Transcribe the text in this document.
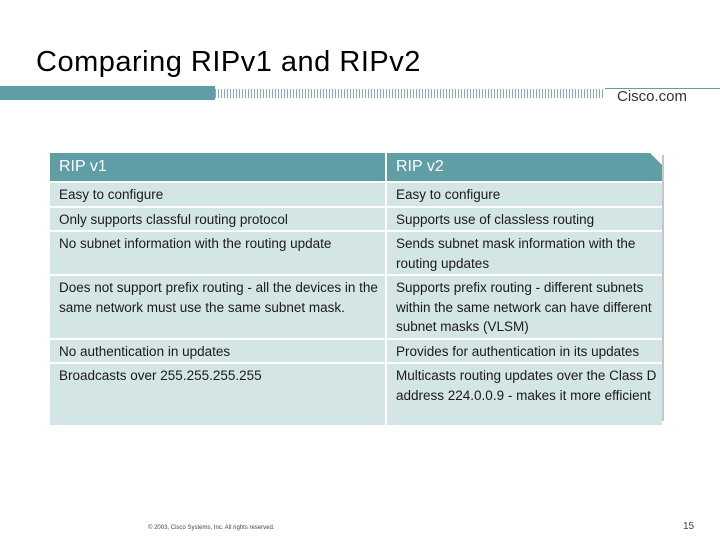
Comparing RIPv1 and RIPv2
Cisco.com
RIP v1	RIP v2
Easy to configure	Easy to configure
Only supports classful routing protocol	Supports use of classless routing
No subnet information with the routing update	Sends subnet mask information with the routing updates
Does not support prefix routing - all the devices in the same network must use the same subnet mask.	Supports prefix routing - different subnets within the same network can have different subnet masks (VLSM)
No authentication in updates	Provides for authentication in its updates
Broadcasts over 255.255.255.255	Multicasts routing updates over the Class D address 224.0.0.9 - makes it more efficient
© 2003, Cisco Systems, Inc. All rights reserved.	15
